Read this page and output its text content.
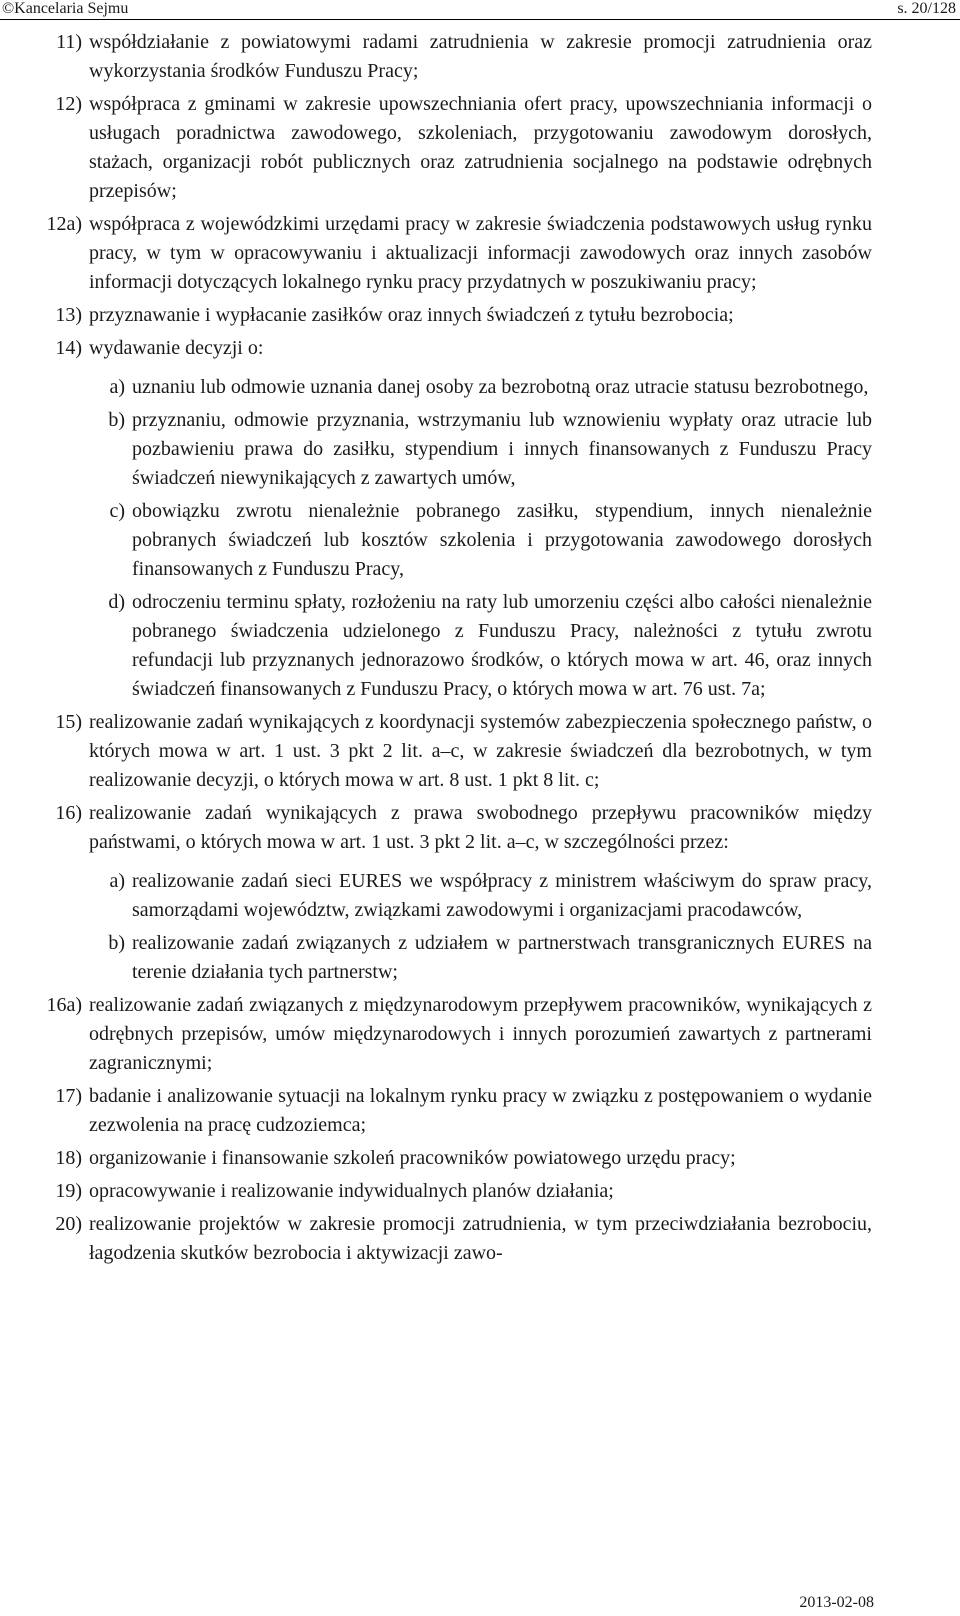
©Kancelaria Sejmu	s. 20/128
11) współdziałanie z powiatowymi radami zatrudnienia w zakresie promocji zatrudnienia oraz wykorzystania środków Funduszu Pracy;
12) współpraca z gminami w zakresie upowszechniania ofert pracy, upowszechniania informacji o usługach poradnictwa zawodowego, szkoleniach, przygotowaniu zawodowym dorosłych, stażach, organizacji robót publicznych oraz zatrudnienia socjalnego na podstawie odrębnych przepisów;
12a) współpraca z wojewódzkimi urzędami pracy w zakresie świadczenia podstawowych usług rynku pracy, w tym w opracowywaniu i aktualizacji informacji zawodowych oraz innych zasobów informacji dotyczących lokalnego rynku pracy przydatnych w poszukiwaniu pracy;
13) przyznawanie i wypłacanie zasiłków oraz innych świadczeń z tytułu bezrobocia;
14) wydawanie decyzji o:
a) uznaniu lub odmowie uznania danej osoby za bezrobotną oraz utracie statusu bezrobotnego,
b) przyznaniu, odmowie przyznania, wstrzymaniu lub wznowieniu wypłaty oraz utracie lub pozbawieniu prawa do zasiłku, stypendium i innych finansowanych z Funduszu Pracy świadczeń niewynikających z zawartych umów,
c) obowiązku zwrotu nienależnie pobranego zasiłku, stypendium, innych nienależnie pobranych świadczeń lub kosztów szkolenia i przygotowania zawodowego dorosłych finansowanych z Funduszu Pracy,
d) odroczeniu terminu spłaty, rozłożeniu na raty lub umorzeniu części albo całości nienależnie pobranego świadczenia udzielonego z Funduszu Pracy, należności z tytułu zwrotu refundacji lub przyznanych jednorazowo środków, o których mowa w art. 46, oraz innych świadczeń finansowanych z Funduszu Pracy, o których mowa w art. 76 ust. 7a;
15) realizowanie zadań wynikających z koordynacji systemów zabezpieczenia społecznego państw, o których mowa w art. 1 ust. 3 pkt 2 lit. a–c, w zakresie świadczeń dla bezrobotnych, w tym realizowanie decyzji, o których mowa w art. 8 ust. 1 pkt 8 lit. c;
16) realizowanie zadań wynikających z prawa swobodnego przepływu pracowników między państwami, o których mowa w art. 1 ust. 3 pkt 2 lit. a–c, w szczególności przez:
a) realizowanie zadań sieci EURES we współpracy z ministrem właściwym do spraw pracy, samorządami województw, związkami zawodowymi i organizacjami pracodawców,
b) realizowanie zadań związanych z udziałem w partnerstwach transgranicznych EURES na terenie działania tych partnerstw;
16a) realizowanie zadań związanych z międzynarodowym przepływem pracowników, wynikających z odrębnych przepisów, umów międzynarodowych i innych porozumień zawartych z partnerami zagranicznymi;
17) badanie i analizowanie sytuacji na lokalnym rynku pracy w związku z postępowaniem o wydanie zezwolenia na pracę cudzoziemca;
18) organizowanie i finansowanie szkoleń pracowników powiatowego urzędu pracy;
19) opracowywanie i realizowanie indywidualnych planów działania;
20) realizowanie projektów w zakresie promocji zatrudnienia, w tym przeciwdziałania bezrobociu, łagodzenia skutków bezrobocia i aktywizacji zawo-
2013-02-08
